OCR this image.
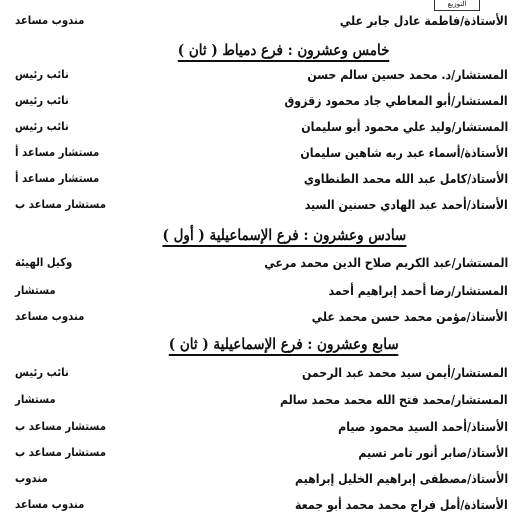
التوزيع
الأستاذة/فاطمة عادل جابر علي
مندوب مساعد
خامس وعشرون : فرع دمياط ( ثان )
المستشار/د. محمد حسين سالم حسن
نائب رئيس
المستشار/أبو المعاطي جاد محمود زقزوق
نائب رئيس
المستشار/وليد علي محمود أبو سليمان
نائب رئيس
الأستاذة/أسماء عبد ربه شاهين سليمان
مستشار مساعد أ
الأستاذ/كامل عبد الله محمد الطنطاوي
مستشار مساعد أ
الأستاذ/أحمد عبد الهادي حسنين السيد
مستشار مساعد ب
سادس وعشرون : فرع الإسماعيلية ( أول )
المستشار/عبد الكريم صلاح الدين محمد مرعي
وكيل الهيئة
المستشار/رضا أحمد إبراهيم أحمد
مستشار
الأستاذ/مؤمن محمد حسن محمد علي
مندوب مساعد
سابع وعشرون : فرع الإسماعيلية ( ثان )
المستشار/أيمن سيد محمد عبد الرحمن
نائب رئيس
المستشار/محمد فتح الله محمد محمد سالم
مستشار
الأستاذ/أحمد السيد محمود صيام
مستشار مساعد ب
الأستاذ/صابر أنور تامر تسيم
مستشار مساعد ب
الأستاذ/مصطفى إبراهيم الخليل إبراهيم
مندوب
الأستاذة/أمل فراج محمد محمد أبو جمعة
مندوب مساعد
